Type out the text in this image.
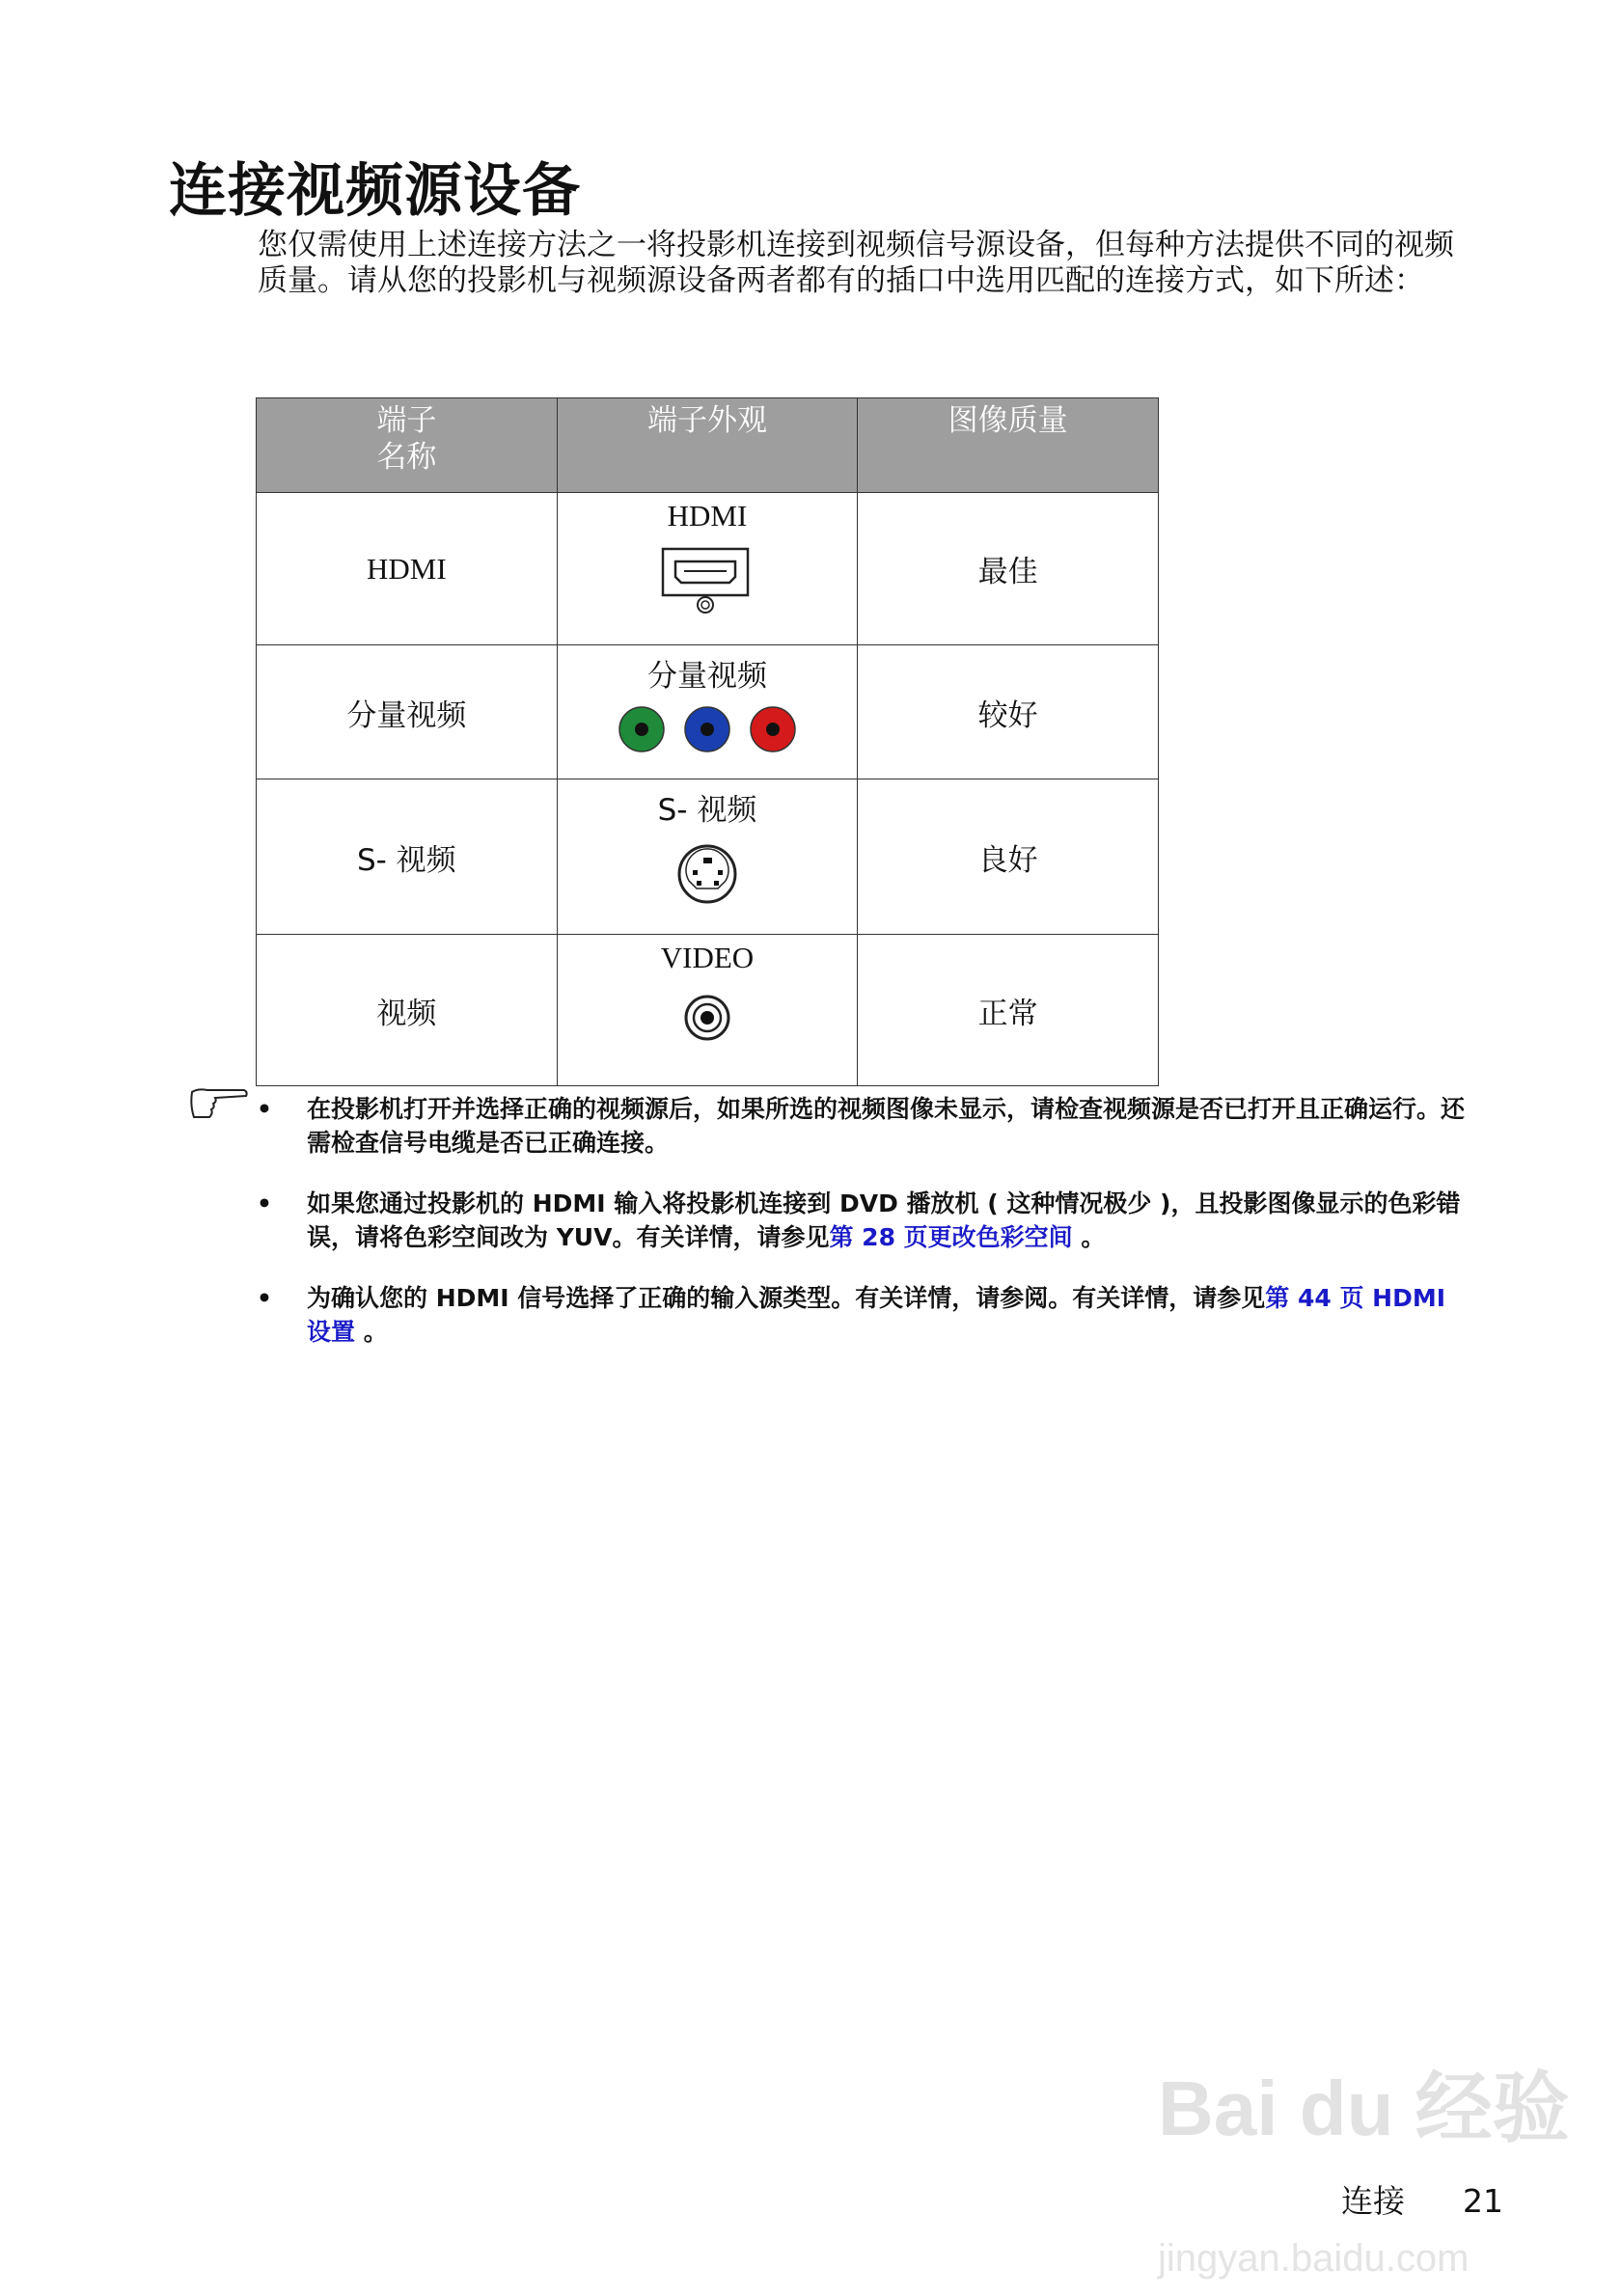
连接视频源设备
您仅需使用上述连接方法之一将投影机连接到视频信号源设备，但每种方法提供不同的视频质量。请从您的投影机与视频源设备两者都有的插口中选用匹配的连接方式，如下所述：
端子
名称	端子外观	图像质量
HDMI	HDMI	最佳
分量视频	分量视频	较好
S- 视频	S- 视频	良好
视频	VIDEO	正常
• 在投影机打开并选择正确的视频源后，如果所选的视频图像未显示，请检查视频源是否已打开且正确运行。还需检查信号电缆是否已正确连接。
• 如果您通过投影机的 HDMI 输入将投影机连接到 DVD 播放机 ( 这种情况极少 )，且投影图像显示的色彩错误，请将色彩空间改为 YUV。有关详情，请参见第 28 页更改色彩空间 。
• 为确认您的 HDMI 信号选择了正确的输入源类型。有关详情，请参阅。有关详情，请参见第 44 页 HDMI 设置 。
Bai du 经验
jingyan.baidu.com
连接 21
